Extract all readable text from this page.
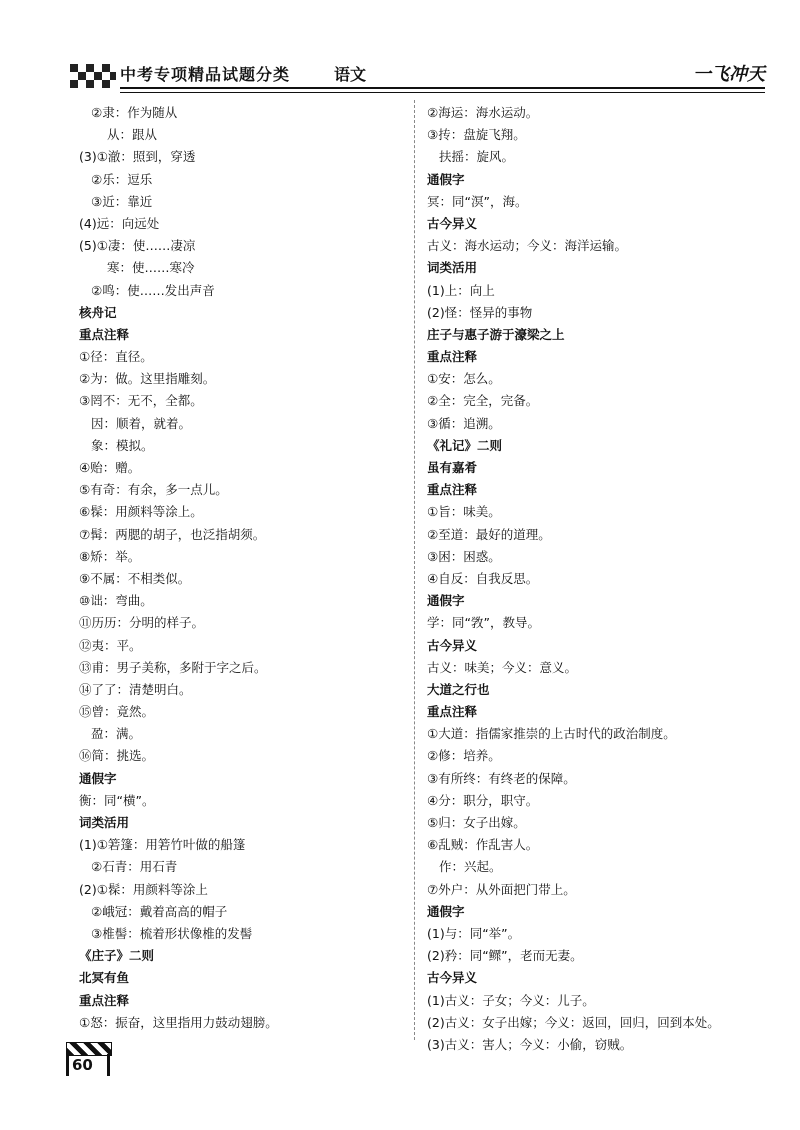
中考专项精品试题分类	语文	一飞冲天
②隶：作为随从
从：跟从
(3)①澈：照到，穿透
②乐：逗乐
③近：靠近
(4)远：向远处
(5)①凄：使……凄凉
寒：使……寒冷
②鸣：使……发出声音
核舟记
重点注释
①径：直径。
②为：做。这里指雕刻。
③罔不：无不，全都。
因：顺着，就着。
象：模拟。
④贻：赠。
⑤有奇：有余，多一点儿。
⑥髹：用颜料等涂上。
⑦髯：两腮的胡子，也泛指胡须。
⑧矫：举。
⑨不属：不相类似。
⑩诎：弯曲。
⑪历历：分明的样子。
⑫夷：平。
⑬甫：男子美称，多附于字之后。
⑭了了：清楚明白。
⑮曾：竟然。
盈：满。
⑯简：挑选。
通假字
衡：同“横”。
词类活用
(1)①箬篷：用箬竹叶做的船篷
②石青：用石青
(2)①髹：用颜料等涂上
②峨冠：戴着高高的帽子
③椎髻：梳着形状像椎的发髻
《庄子》二则
北冥有鱼
重点注释
①怒：振奋，这里指用力鼓动翅膀。
②海运：海水运动。
③抟：盘旋飞翔。
扶摇：旋风。
通假字
冥：同“溟”，海。
古今异义
古义：海水运动；今义：海洋运输。
词类活用
(1)上：向上
(2)怪：怪异的事物
庄子与惠子游于濠梁之上
重点注释
①安：怎么。
②全：完全，完备。
③循：追溯。
《礼记》二则
虽有嘉肴
重点注释
①旨：味美。
②至道：最好的道理。
③困：困惑。
④自反：自我反思。
通假字
学：同“敩”，教导。
古今异义
古义：味美；今义：意义。
大道之行也
重点注释
①大道：指儒家推崇的上古时代的政治制度。
②修：培养。
③有所终：有终老的保障。
④分：职分，职守。
⑤归：女子出嫁。
⑥乱贼：作乱害人。
作：兴起。
⑦外户：从外面把门带上。
通假字
(1)与：同“举”。
(2)矜：同“鳏”，老而无妻。
古今异义
(1)古义：子女；今义：儿子。
(2)古义：女子出嫁；今义：返回，回归，回到本处。
(3)古义：害人；今义：小偷，窃贼。
60
